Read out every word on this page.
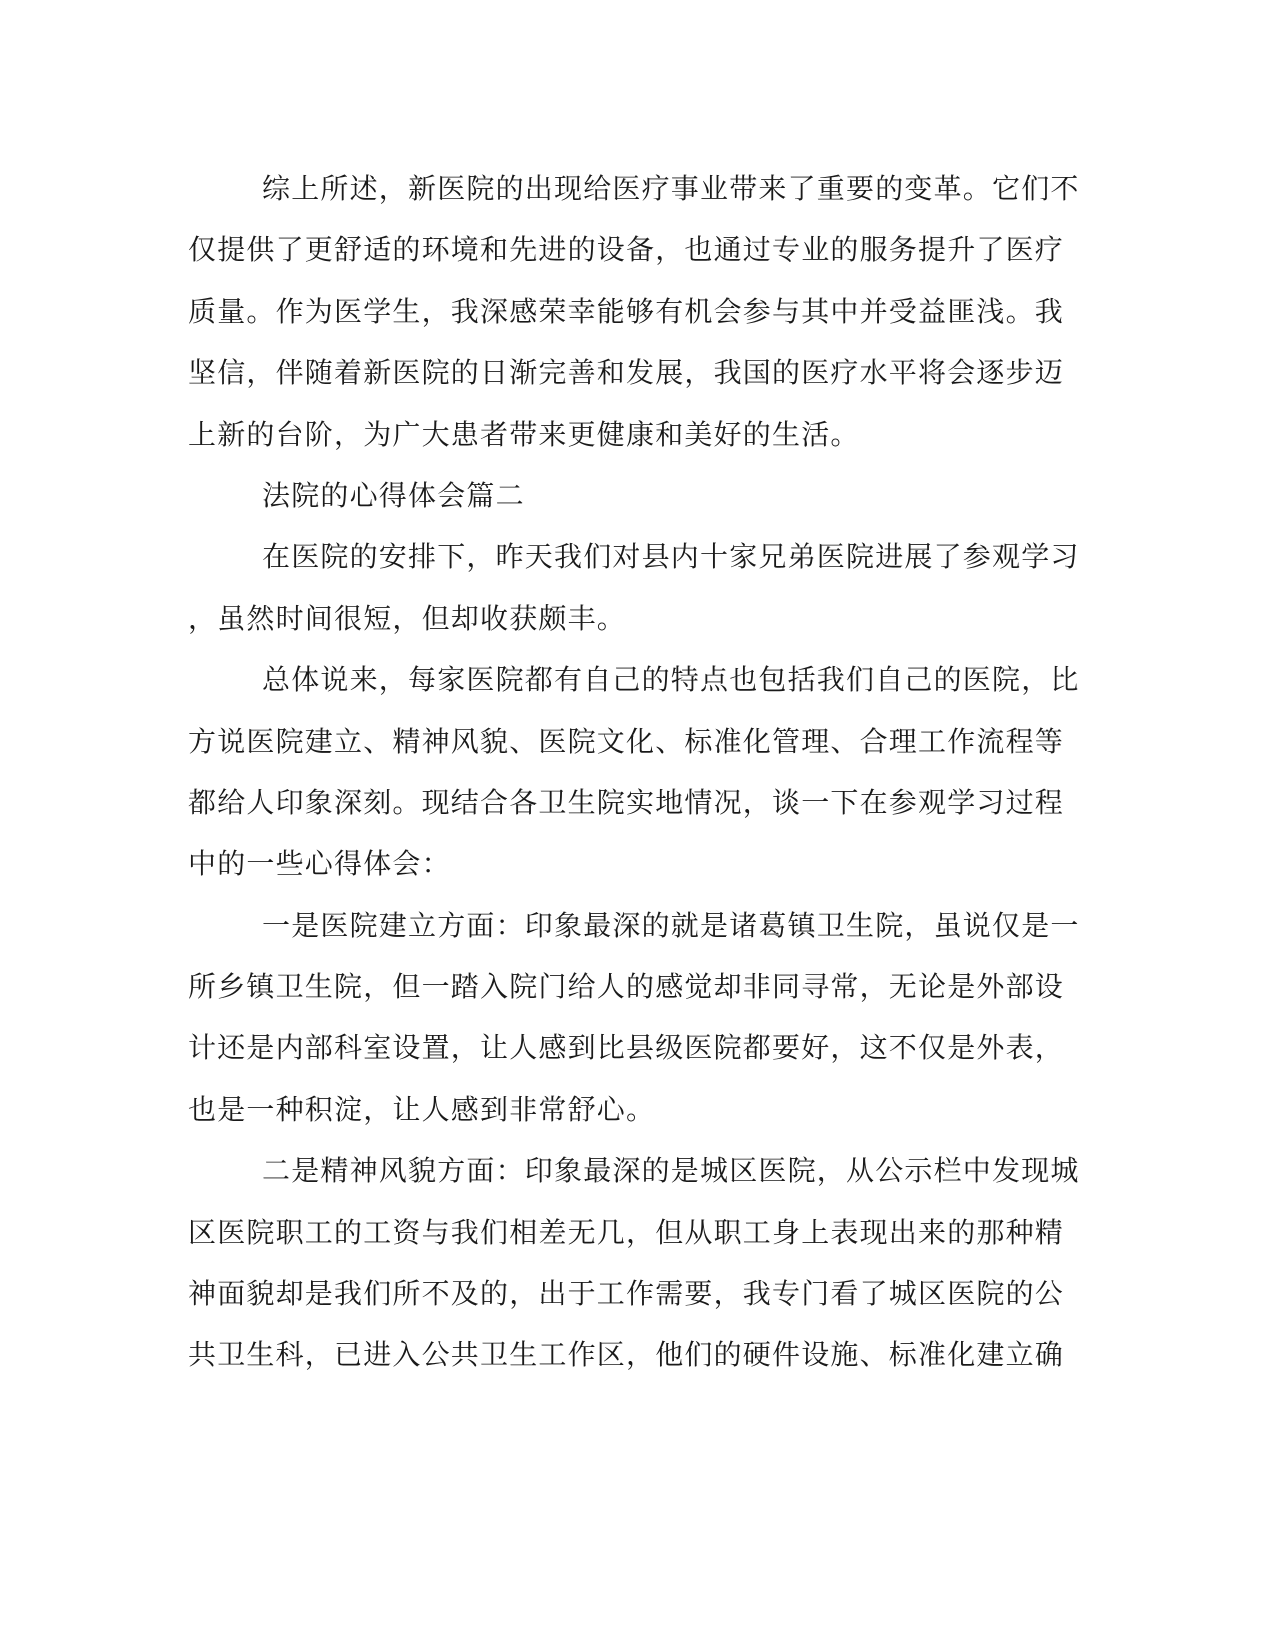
综上所述，新医院的出现给医疗事业带来了重要的变革。它们不
仅提供了更舒适的环境和先进的设备，也通过专业的服务提升了医疗
质量。作为医学生，我深感荣幸能够有机会参与其中并受益匪浅。我
坚信，伴随着新医院的日渐完善和发展，我国的医疗水平将会逐步迈
上新的台阶，为广大患者带来更健康和美好的生活。
法院的心得体会篇二
在医院的安排下，昨天我们对县内十家兄弟医院进展了参观学习
，虽然时间很短，但却收获颇丰。
总体说来，每家医院都有自己的特点也包括我们自己的医院，比
方说医院建立、精神风貌、医院文化、标准化管理、合理工作流程等
都给人印象深刻。现结合各卫生院实地情况，谈一下在参观学习过程
中的一些心得体会：
一是医院建立方面：印象最深的就是诸葛镇卫生院，虽说仅是一
所乡镇卫生院，但一踏入院门给人的感觉却非同寻常，无论是外部设
计还是内部科室设置，让人感到比县级医院都要好，这不仅是外表，
也是一种积淀，让人感到非常舒心。
二是精神风貌方面：印象最深的是城区医院，从公示栏中发现城
区医院职工的工资与我们相差无几，但从职工身上表现出来的那种精
神面貌却是我们所不及的，出于工作需要，我专门看了城区医院的公
共卫生科，已进入公共卫生工作区，他们的硬件设施、标准化建立确
